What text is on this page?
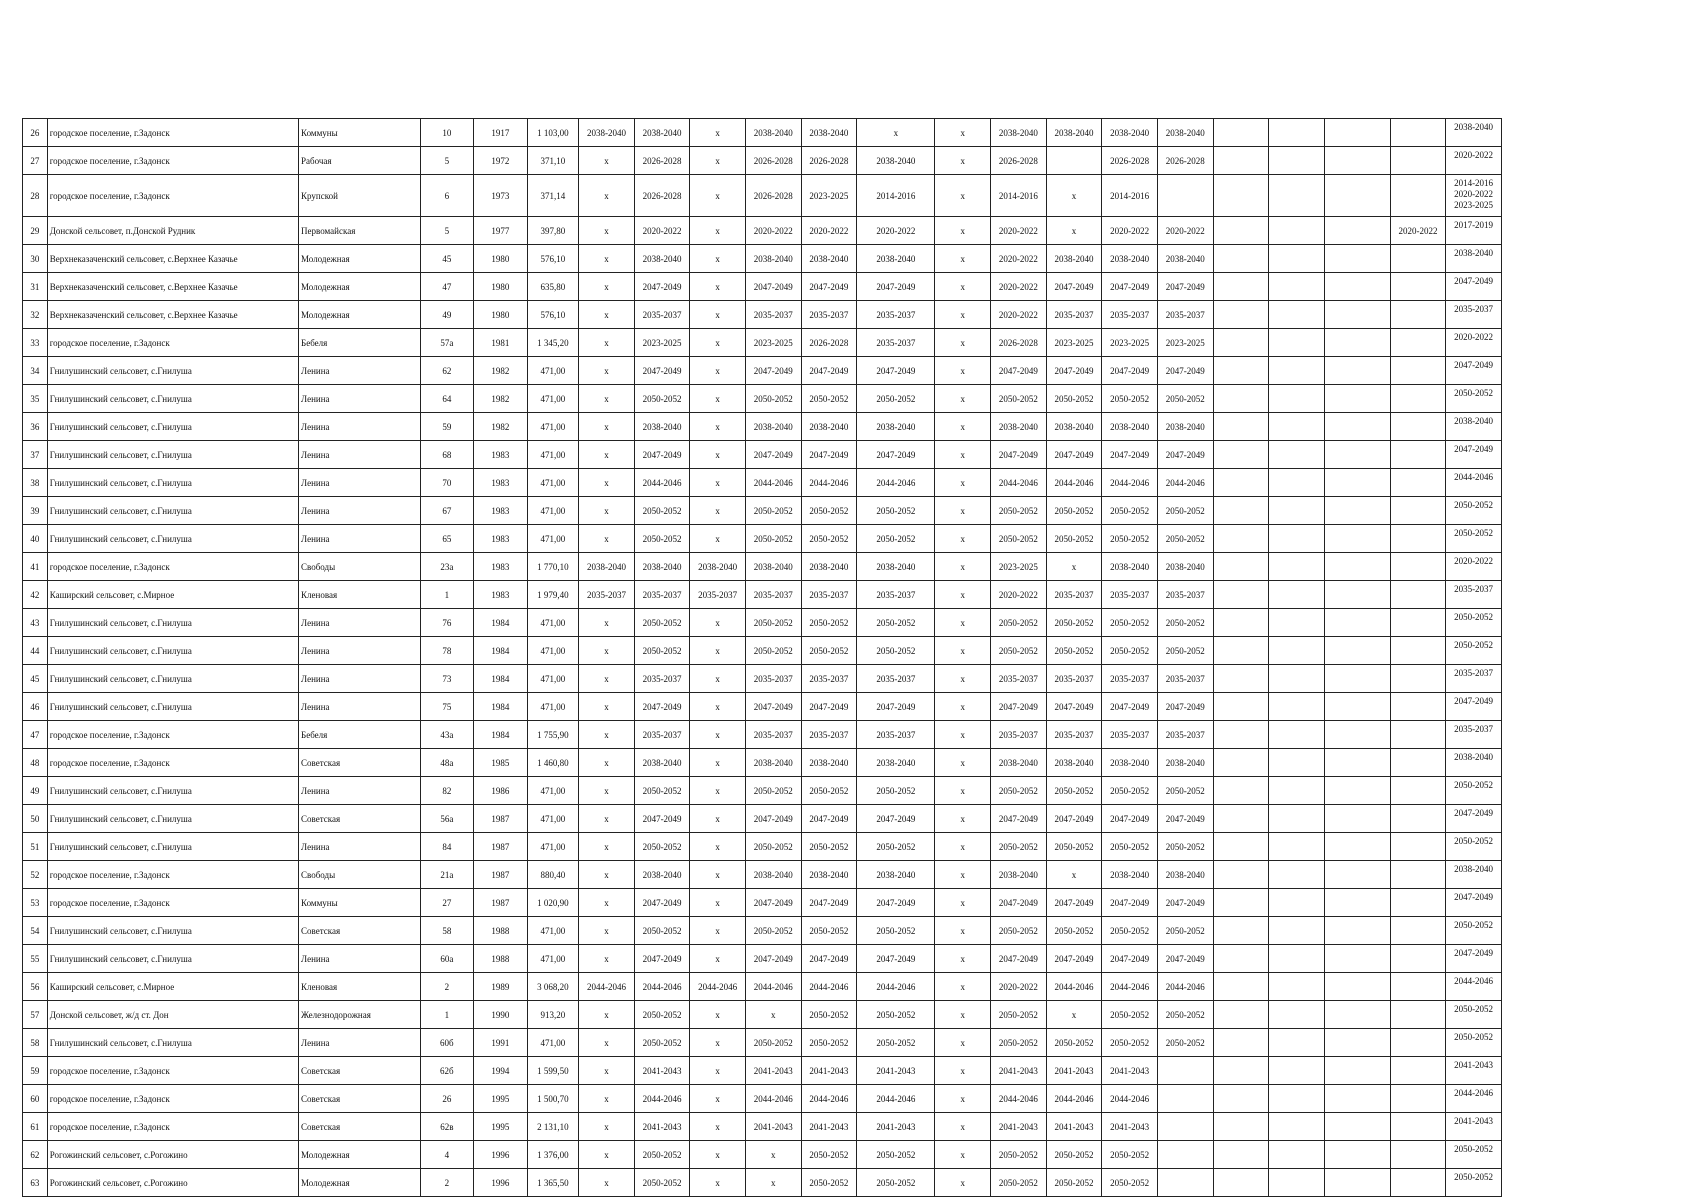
26	городское поселение, г.Задонск	Коммуны	10	1917	1 103,00	2038-2040	2038-2040	х	2038-2040	2038-2040	х	х	2038-2040	2038-2040	2038-2040	2038-2040					2038-2040
27	городское поселение, г.Задонск	Рабочая	5	1972	371,10	х	2026-2028	х	2026-2028	2026-2028	2038-2040	х	2026-2028		2026-2028	2026-2028					2020-2022
28	городское поселение, г.Задонск	Крупской	6	1973	371,14	х	2026-2028	х	2026-2028	2023-2025	2014-2016	х	2014-2016	х	2014-2016						2014-2016
2020-2022
2023-2025

29	Донской сельсовет, п.Донской Рудник	Первомайская	5	1977	397,80	х	2020-2022	х	2020-2022	2020-2022	2020-2022	х	2020-2022	х	2020-2022	2020-2022				2020-2022	2017-2019
30	Верхнеказаченский сельсовет, с.Верхнее Казачье	Молодежная	45	1980	576,10	х	2038-2040	х	2038-2040	2038-2040	2038-2040	х	2020-2022	2038-2040	2038-2040	2038-2040					2038-2040
31	Верхнеказаченский сельсовет, с.Верхнее Казачье	Молодежная	47	1980	635,80	х	2047-2049	х	2047-2049	2047-2049	2047-2049	х	2020-2022	2047-2049	2047-2049	2047-2049					2047-2049
32	Верхнеказаченский сельсовет, с.Верхнее Казачье	Молодежная	49	1980	576,10	х	2035-2037	х	2035-2037	2035-2037	2035-2037	х	2020-2022	2035-2037	2035-2037	2035-2037					2035-2037
33	городское поселение, г.Задонск	Бебеля	57а	1981	1 345,20	х	2023-2025	х	2023-2025	2026-2028	2035-2037	х	2026-2028	2023-2025	2023-2025	2023-2025					2020-2022
34	Гнилушинский сельсовет, с.Гнилуша	Ленина	62	1982	471,00	х	2047-2049	х	2047-2049	2047-2049	2047-2049	х	2047-2049	2047-2049	2047-2049	2047-2049					2047-2049
35	Гнилушинский сельсовет, с.Гнилуша	Ленина	64	1982	471,00	х	2050-2052	х	2050-2052	2050-2052	2050-2052	х	2050-2052	2050-2052	2050-2052	2050-2052					2050-2052
36	Гнилушинский сельсовет, с.Гнилуша	Ленина	59	1982	471,00	х	2038-2040	х	2038-2040	2038-2040	2038-2040	х	2038-2040	2038-2040	2038-2040	2038-2040					2038-2040
37	Гнилушинский сельсовет, с.Гнилуша	Ленина	68	1983	471,00	х	2047-2049	х	2047-2049	2047-2049	2047-2049	х	2047-2049	2047-2049	2047-2049	2047-2049					2047-2049
38	Гнилушинский сельсовет, с.Гнилуша	Ленина	70	1983	471,00	х	2044-2046	х	2044-2046	2044-2046	2044-2046	х	2044-2046	2044-2046	2044-2046	2044-2046					2044-2046
39	Гнилушинский сельсовет, с.Гнилуша	Ленина	67	1983	471,00	х	2050-2052	х	2050-2052	2050-2052	2050-2052	х	2050-2052	2050-2052	2050-2052	2050-2052					2050-2052
40	Гнилушинский сельсовет, с.Гнилуша	Ленина	65	1983	471,00	х	2050-2052	х	2050-2052	2050-2052	2050-2052	х	2050-2052	2050-2052	2050-2052	2050-2052					2050-2052
41	городское поселение, г.Задонск	Свободы	23а	1983	1 770,10	2038-2040	2038-2040	2038-2040	2038-2040	2038-2040	2038-2040	х	2023-2025	х	2038-2040	2038-2040					2020-2022
42	Каширский сельсовет, с.Мирное	Кленовая	1	1983	1 979,40	2035-2037	2035-2037	2035-2037	2035-2037	2035-2037	2035-2037	х	2020-2022	2035-2037	2035-2037	2035-2037					2035-2037
43	Гнилушинский сельсовет, с.Гнилуша	Ленина	76	1984	471,00	х	2050-2052	х	2050-2052	2050-2052	2050-2052	х	2050-2052	2050-2052	2050-2052	2050-2052					2050-2052
44	Гнилушинский сельсовет, с.Гнилуша	Ленина	78	1984	471,00	х	2050-2052	х	2050-2052	2050-2052	2050-2052	х	2050-2052	2050-2052	2050-2052	2050-2052					2050-2052
45	Гнилушинский сельсовет, с.Гнилуша	Ленина	73	1984	471,00	х	2035-2037	х	2035-2037	2035-2037	2035-2037	х	2035-2037	2035-2037	2035-2037	2035-2037					2035-2037
46	Гнилушинский сельсовет, с.Гнилуша	Ленина	75	1984	471,00	х	2047-2049	х	2047-2049	2047-2049	2047-2049	х	2047-2049	2047-2049	2047-2049	2047-2049					2047-2049
47	городское поселение, г.Задонск	Бебеля	43а	1984	1 755,90	х	2035-2037	х	2035-2037	2035-2037	2035-2037	х	2035-2037	2035-2037	2035-2037	2035-2037					2035-2037
48	городское поселение, г.Задонск	Советская	48а	1985	1 460,80	х	2038-2040	х	2038-2040	2038-2040	2038-2040	х	2038-2040	2038-2040	2038-2040	2038-2040					2038-2040
49	Гнилушинский сельсовет, с.Гнилуша	Ленина	82	1986	471,00	х	2050-2052	х	2050-2052	2050-2052	2050-2052	х	2050-2052	2050-2052	2050-2052	2050-2052					2050-2052
50	Гнилушинский сельсовет, с.Гнилуша	Советская	56а	1987	471,00	х	2047-2049	х	2047-2049	2047-2049	2047-2049	х	2047-2049	2047-2049	2047-2049	2047-2049					2047-2049
51	Гнилушинский сельсовет, с.Гнилуша	Ленина	84	1987	471,00	х	2050-2052	х	2050-2052	2050-2052	2050-2052	х	2050-2052	2050-2052	2050-2052	2050-2052					2050-2052
52	городское поселение, г.Задонск	Свободы	21а	1987	880,40	х	2038-2040	х	2038-2040	2038-2040	2038-2040	х	2038-2040	х	2038-2040	2038-2040					2038-2040
53	городское поселение, г.Задонск	Коммуны	27	1987	1 020,90	х	2047-2049	х	2047-2049	2047-2049	2047-2049	х	2047-2049	2047-2049	2047-2049	2047-2049					2047-2049
54	Гнилушинский сельсовет, с.Гнилуша	Советская	58	1988	471,00	х	2050-2052	х	2050-2052	2050-2052	2050-2052	х	2050-2052	2050-2052	2050-2052	2050-2052					2050-2052
55	Гнилушинский сельсовет, с.Гнилуша	Ленина	60а	1988	471,00	х	2047-2049	х	2047-2049	2047-2049	2047-2049	х	2047-2049	2047-2049	2047-2049	2047-2049					2047-2049
56	Каширский сельсовет, с.Мирное	Кленовая	2	1989	3 068,20	2044-2046	2044-2046	2044-2046	2044-2046	2044-2046	2044-2046	х	2020-2022	2044-2046	2044-2046	2044-2046					2044-2046
57	Донской сельсовет, ж/д ст. Дон	Железнодорожная	1	1990	913,20	х	2050-2052	х	х	2050-2052	2050-2052	х	2050-2052	х	2050-2052	2050-2052					2050-2052
58	Гнилушинский сельсовет, с.Гнилуша	Ленина	60б	1991	471,00	х	2050-2052	х	2050-2052	2050-2052	2050-2052	х	2050-2052	2050-2052	2050-2052	2050-2052					2050-2052
59	городское поселение, г.Задонск	Советская	62б	1994	1 599,50	х	2041-2043	х	2041-2043	2041-2043	2041-2043	х	2041-2043	2041-2043	2041-2043						2041-2043
60	городское поселение, г.Задонск	Советская	26	1995	1 500,70	х	2044-2046	х	2044-2046	2044-2046	2044-2046	х	2044-2046	2044-2046	2044-2046						2044-2046
61	городское поселение, г.Задонск	Советская	62в	1995	2 131,10	х	2041-2043	х	2041-2043	2041-2043	2041-2043	х	2041-2043	2041-2043	2041-2043						2041-2043
62	Рогожинский сельсовет, с.Рогожино	Молодежная	4	1996	1 376,00	х	2050-2052	х	х	2050-2052	2050-2052	х	2050-2052	2050-2052	2050-2052						2050-2052
63	Рогожинский сельсовет, с.Рогожино	Молодежная	2	1996	1 365,50	х	2050-2052	х	х	2050-2052	2050-2052	х	2050-2052	2050-2052	2050-2052						2050-2052
